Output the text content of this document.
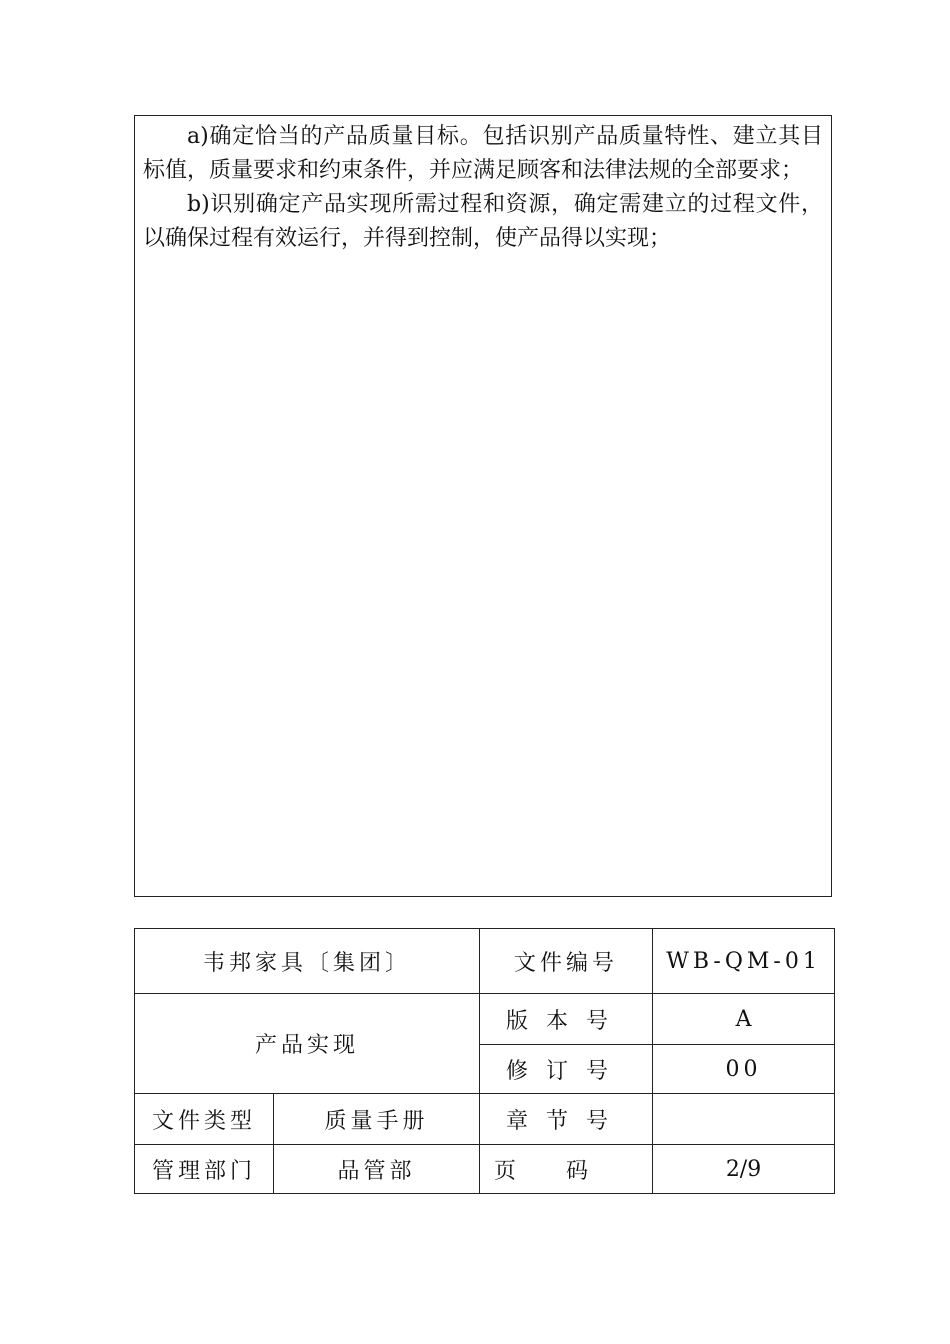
a)确定恰当的产品质量目标。包括识别产品质量特性、建立其目标值，质量要求和约束条件，并应满足顾客和法律法规的全部要求；

b)识别确定产品实现所需过程和资源，确定需建立的过程文件，以确保过程有效运行，并得到控制，使产品得以实现；

韦邦家具〔集团〕		文件编号	WB-QM-01
产品实现		版本号	A
		修订号	00
文件类型	质量手册	章节号	
管理部门	品管部	页码	2/9
